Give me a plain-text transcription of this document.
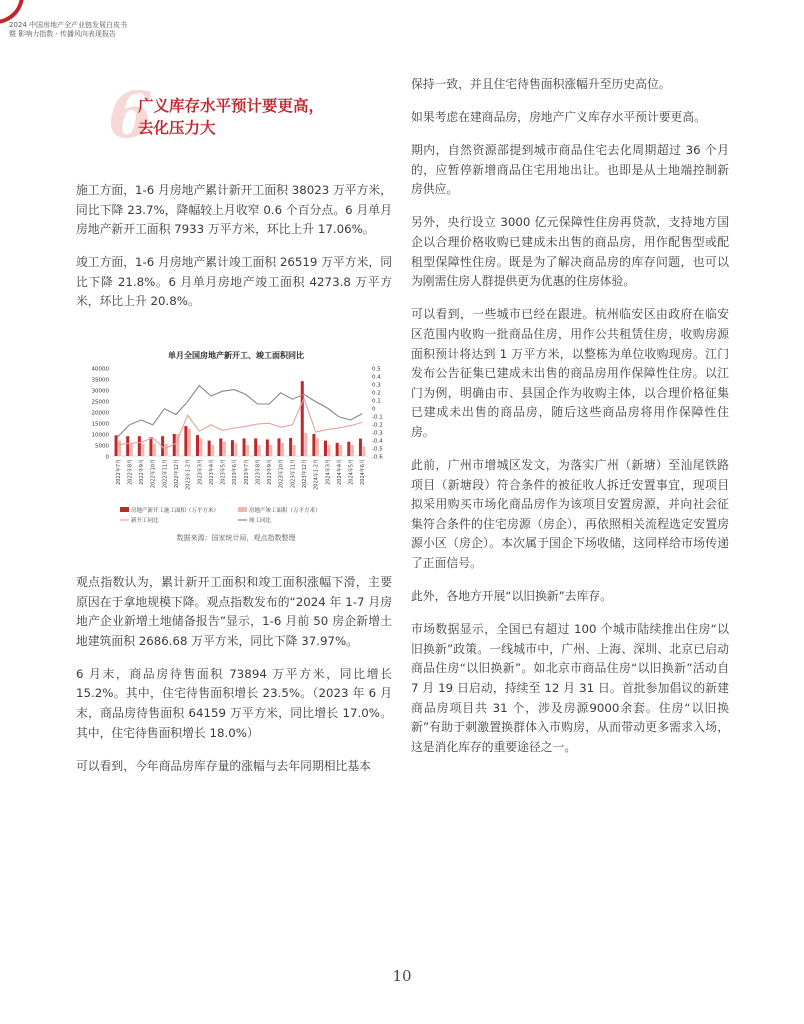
2024 中国房地产全产业链发展白皮书
暨 影响力指数 · 传播风向表现报告
6
广义库存水平预计要更高，
去化压力大

施工方面，1-6 月房地产累计新开工面积 38023 万平方米，同比下降 23.7%，降幅较上月收窄 0.6 个百分点。6 月单月房地产新开工面积 7933 万平方米，环比上升 17.06%。

竣工方面，1-6 月房地产累计竣工面积 26519 万平方米，同比下降 21.8%。6 月单月房地产竣工面积 4273.8 万平方米，环比上升 20.8%。

单月全国房地产新开工、竣工面积同比
40000
35000
30000
25000
20000
15000
10000
5000
0
0.5
0.4
0.3
0.2
0.1
0
-0.1
-0.2
-0.3
-0.4
-0.5
-0.6
2022年7月 2022年8月 2022年9月 2022年10月 2022年11月 2022年12月 2023年1-2月 2023年3月 2023年4月 2023年5月 2023年6月 2023年7月 2023年8月 2023年9月 2023年10月 2023年11月 2023年12月 2024年1-2月 2024年3月 2024年4月 2024年5月 2024年6月
房地产新开工施工面积（万平方米）	房地产竣工面积（万平方米）
新开工同比	竣工同比
数据来源：国家统计局，观点指数整理

观点指数认为，累计新开工面积和竣工面积涨幅下滑，主要原因在于拿地规模下降。观点指数发布的“2024 年 1-7 月房地产企业新增土地储备报告”显示，1-6 月前 50 房企新增土地建筑面积 2686.68 万平方米，同比下降 37.97%。

6 月末，商品房待售面积 73894 万平方米，同比增长 15.2%。其中，住宅待售面积增长 23.5%。（2023 年 6 月末，商品房待售面积 64159 万平方米，同比增长 17.0%。其中，住宅待售面积增长 18.0%）

可以看到，今年商品房库存量的涨幅与去年同期相比基本

保持一致，并且住宅待售面积涨幅升至历史高位。

如果考虑在建商品房，房地产广义库存水平预计要更高。

期内，自然资源部提到城市商品住宅去化周期超过 36 个月的，应暂停新增商品住宅用地出让。也即是从土地端控制新房供应。

另外，央行设立 3000 亿元保障性住房再贷款，支持地方国企以合理价格收购已建成未出售的商品房，用作配售型或配租型保障性住房。既是为了解决商品房的库存问题，也可以为刚需住房人群提供更为优惠的住房体验。

可以看到，一些城市已经在跟进。杭州临安区由政府在临安区范围内收购一批商品住房，用作公共租赁住房，收购房源面积预计将达到 1 万平方米，以整栋为单位收购现房。江门发布公告征集已建成未出售的商品房用作保障性住房。以江门为例，明确由市、县国企作为收购主体，以合理价格征集已建成未出售的商品房，随后这些商品房将用作保障性住房。

此前，广州市增城区发文，为落实广州（新塘）至汕尾铁路项目（新塘段）符合条件的被征收人拆迁安置事宜，现项目拟采用购买市场化商品房作为该项目安置房源，并向社会征集符合条件的住宅房源（房企），再依照相关流程选定安置房源小区（房企）。本次属于国企下场收储，这同样给市场传递了正面信号。

此外，各地方开展“以旧换新”去库存。

市场数据显示，全国已有超过 100 个城市陆续推出住房“以旧换新”政策。一线城市中，广州、上海、深圳、北京已启动商品住房“以旧换新”。如北京市商品住房“以旧换新”活动自 7 月 19 日启动，持续至 12 月 31 日。首批参加倡议的新建商品房项目共 31 个，涉及房源9000余套。住房“以旧换新”有助于刺激置换群体入市购房，从而带动更多需求入场，这是消化库存的重要途径之一。

10
